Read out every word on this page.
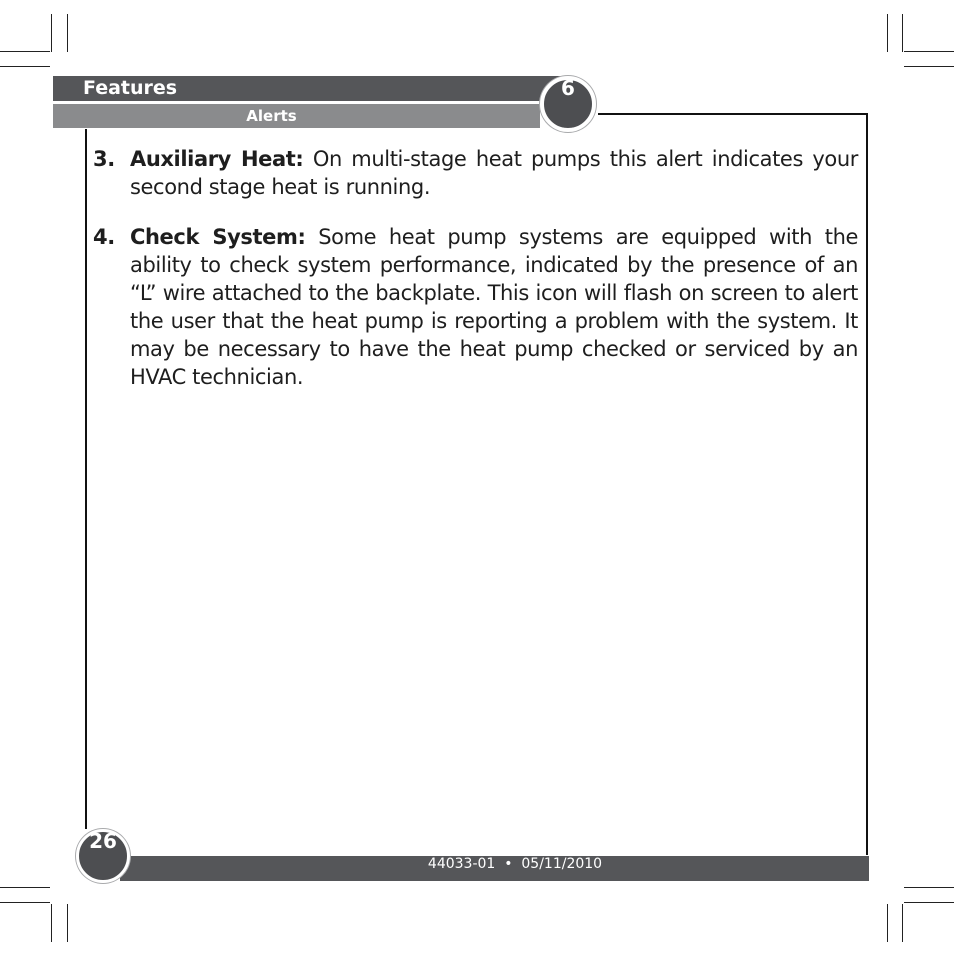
Features
Alerts
6

3. Auxiliary Heat: On multi-stage heat pumps this alert indicates your second stage heat is running.

4. Check System: Some heat pump systems are equipped with the ability to check system performance, indicated by the presence of an “L” wire attached to the backplate. This icon will flash on screen to alert the user that the heat pump is reporting a problem with the system. It may be necessary to have the heat pump checked or serviced by an HVAC technician.

44033-01  •  05/11/2010
26
